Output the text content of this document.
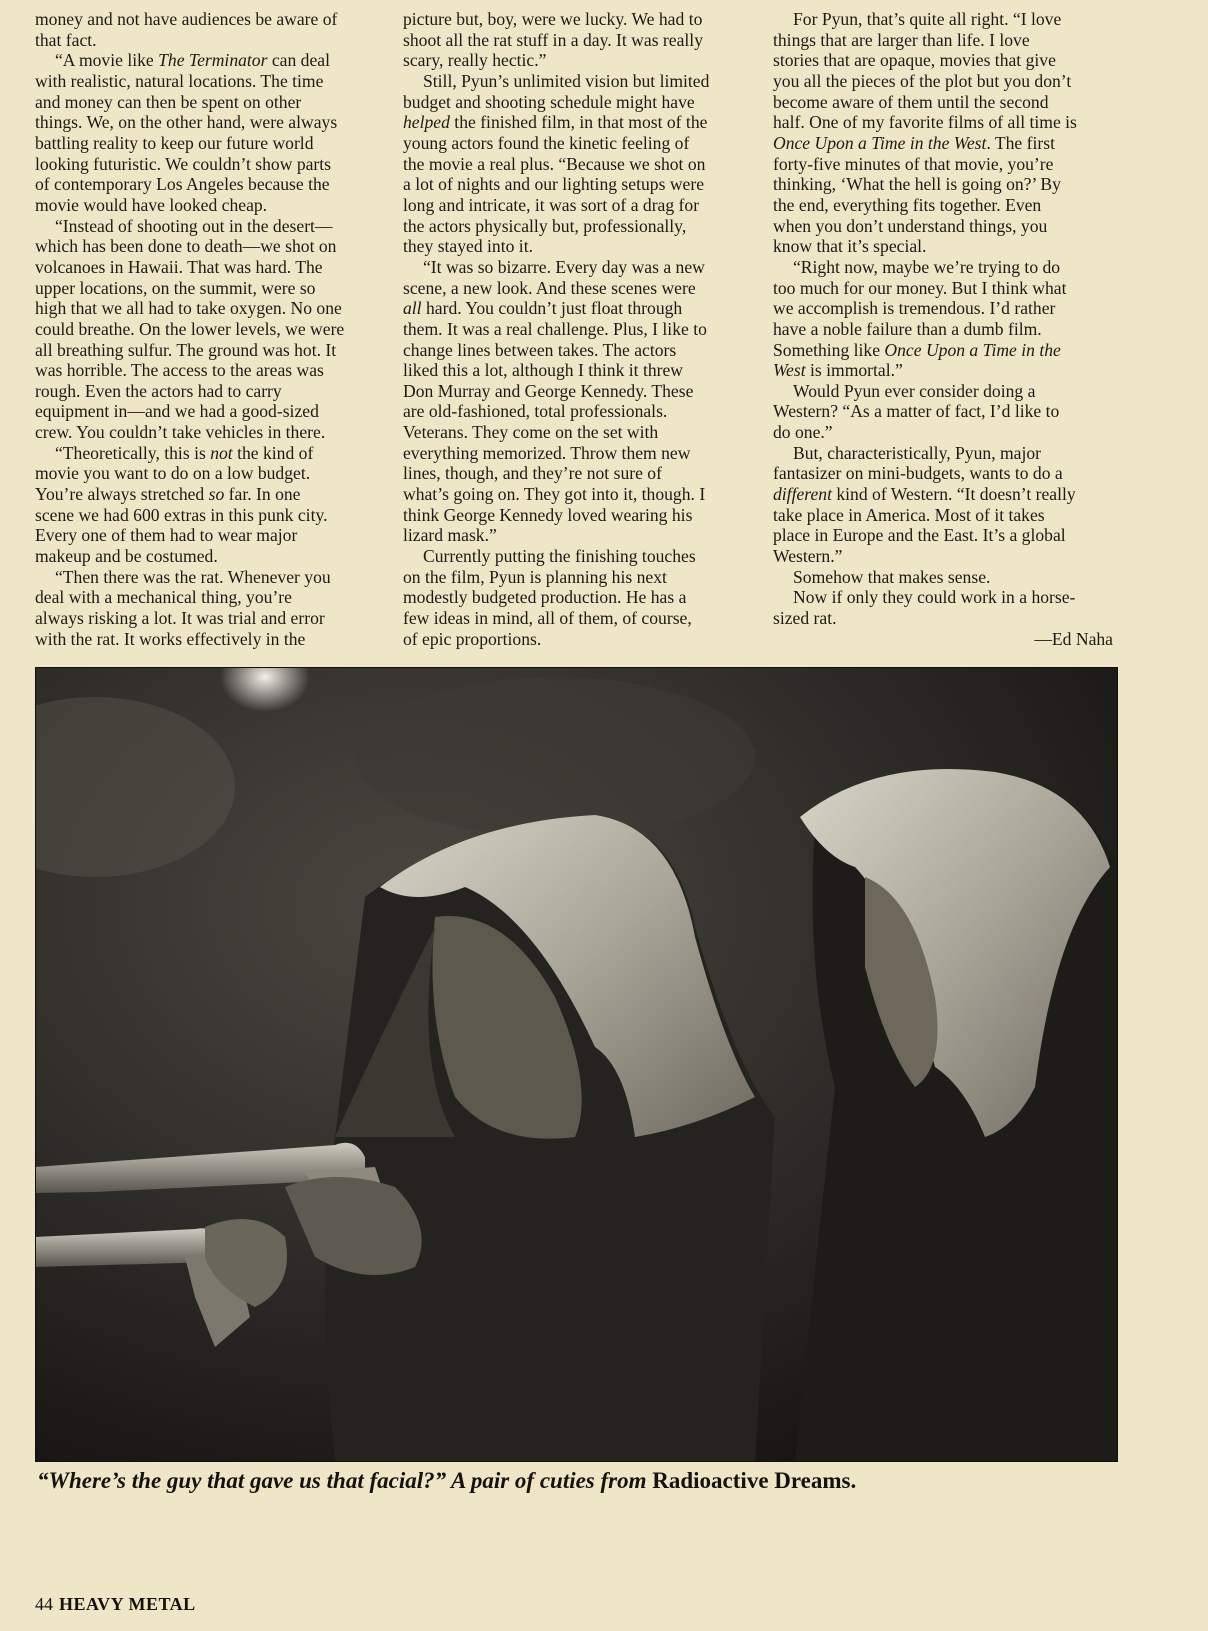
money and not have audiences be aware of
that fact.
“A movie like The Terminator can deal
with realistic, natural locations. The time
and money can then be spent on other
things. We, on the other hand, were always
battling reality to keep our future world
looking futuristic. We couldn’t show parts
of contemporary Los Angeles because the
movie would have looked cheap.
“Instead of shooting out in the desert—
which has been done to death—we shot on
volcanoes in Hawaii. That was hard. The
upper locations, on the summit, were so
high that we all had to take oxygen. No one
could breathe. On the lower levels, we were
all breathing sulfur. The ground was hot. It
was horrible. The access to the areas was
rough. Even the actors had to carry
equipment in—and we had a good-sized
crew. You couldn’t take vehicles in there.
“Theoretically, this is not the kind of
movie you want to do on a low budget.
You’re always stretched so far. In one
scene we had 600 extras in this punk city.
Every one of them had to wear major
makeup and be costumed.
“Then there was the rat. Whenever you
deal with a mechanical thing, you’re
always risking a lot. It was trial and error
with the rat. It works effectively in the
picture but, boy, were we lucky. We had to
shoot all the rat stuff in a day. It was really
scary, really hectic.”
Still, Pyun’s unlimited vision but limited
budget and shooting schedule might have
helped the finished film, in that most of the
young actors found the kinetic feeling of
the movie a real plus. “Because we shot on
a lot of nights and our lighting setups were
long and intricate, it was sort of a drag for
the actors physically but, professionally,
they stayed into it.
“It was so bizarre. Every day was a new
scene, a new look. And these scenes were
all hard. You couldn’t just float through
them. It was a real challenge. Plus, I like to
change lines between takes. The actors
liked this a lot, although I think it threw
Don Murray and George Kennedy. These
are old-fashioned, total professionals.
Veterans. They come on the set with
everything memorized. Throw them new
lines, though, and they’re not sure of
what’s going on. They got into it, though. I
think George Kennedy loved wearing his
lizard mask.”
Currently putting the finishing touches
on the film, Pyun is planning his next
modestly budgeted production. He has a
few ideas in mind, all of them, of course,
of epic proportions.
For Pyun, that’s quite all right. “I love
things that are larger than life. I love
stories that are opaque, movies that give
you all the pieces of the plot but you don’t
become aware of them until the second
half. One of my favorite films of all time is
Once Upon a Time in the West. The first
forty-five minutes of that movie, you’re
thinking, ‘What the hell is going on?’ By
the end, everything fits together. Even
when you don’t understand things, you
know that it’s special.
“Right now, maybe we’re trying to do
too much for our money. But I think what
we accomplish is tremendous. I’d rather
have a noble failure than a dumb film.
Something like Once Upon a Time in the
West is immortal.”
Would Pyun ever consider doing a
Western? “As a matter of fact, I’d like to
do one.”
But, characteristically, Pyun, major
fantasizer on mini-budgets, wants to do a
different kind of Western. “It doesn’t really
take place in America. Most of it takes
place in Europe and the East. It’s a global
Western.”
Somehow that makes sense.
Now if only they could work in a horse-
sized rat.
—Ed Naha
“Where’s the guy that gave us that facial?” A pair of cuties from Radioactive Dreams.
44 HEAVY METAL
